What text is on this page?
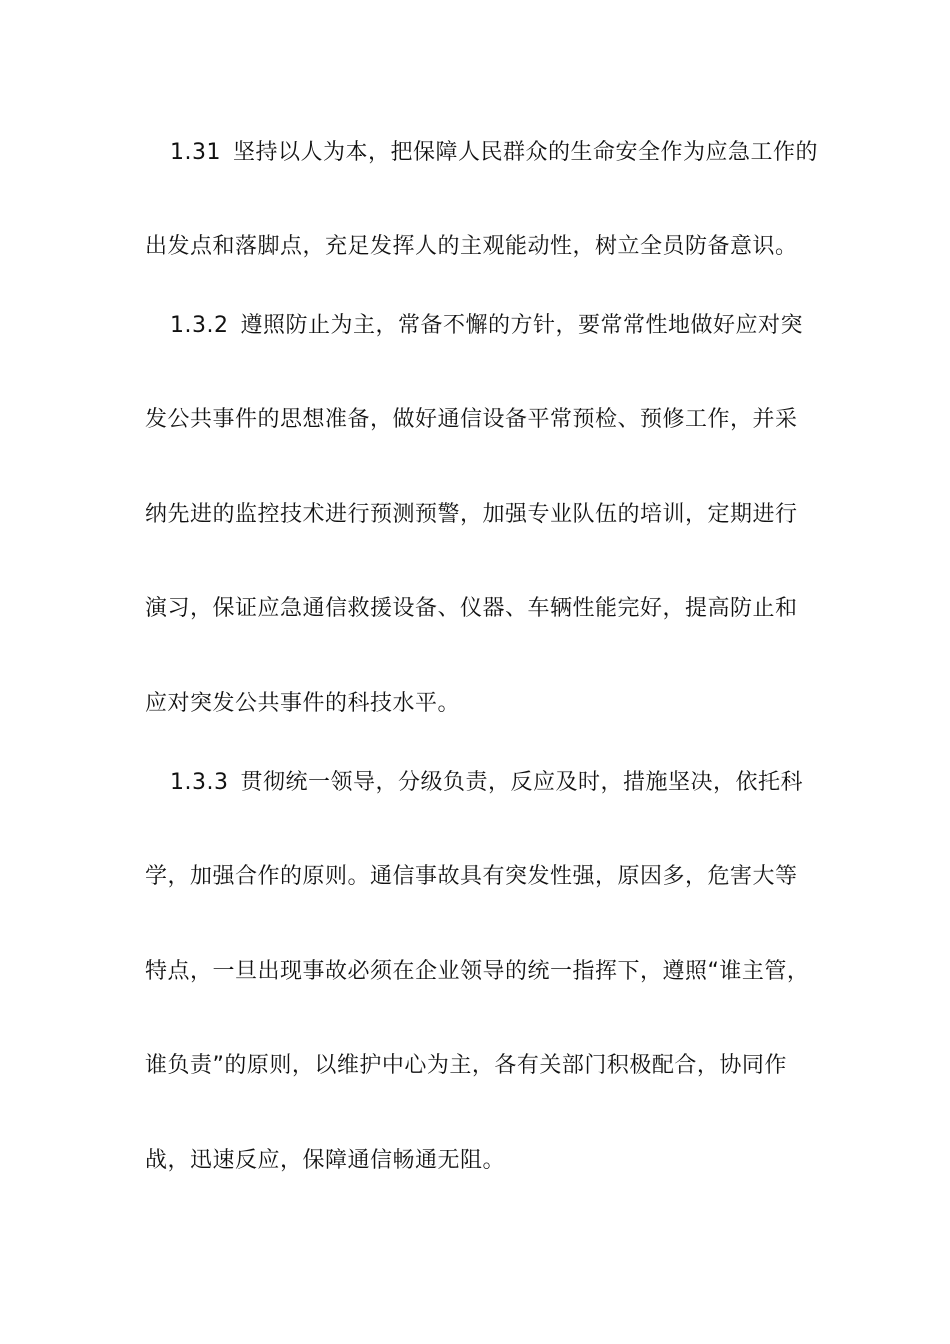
1.31 坚持以人为本，把保障人民群众的生命安全作为应急工作的
出发点和落脚点，充足发挥人的主观能动性，树立全员防备意识。
1.3.2 遵照防止为主，常备不懈的方针，要常常性地做好应对突
发公共事件的思想准备，做好通信设备平常预检、预修工作，并采
纳先进的监控技术进行预测预警，加强专业队伍的培训，定期进行
演习，保证应急通信救援设备、仪器、车辆性能完好，提高防止和
应对突发公共事件的科技水平。
1.3.3 贯彻统一领导，分级负责，反应及时，措施坚决，依托科
学，加强合作的原则。通信事故具有突发性强，原因多，危害大等
特点，一旦出现事故必须在企业领导的统一指挥下，遵照“谁主管，
谁负责”的原则，以维护中心为主，各有关部门积极配合，协同作
战，迅速反应，保障通信畅通无阻。
